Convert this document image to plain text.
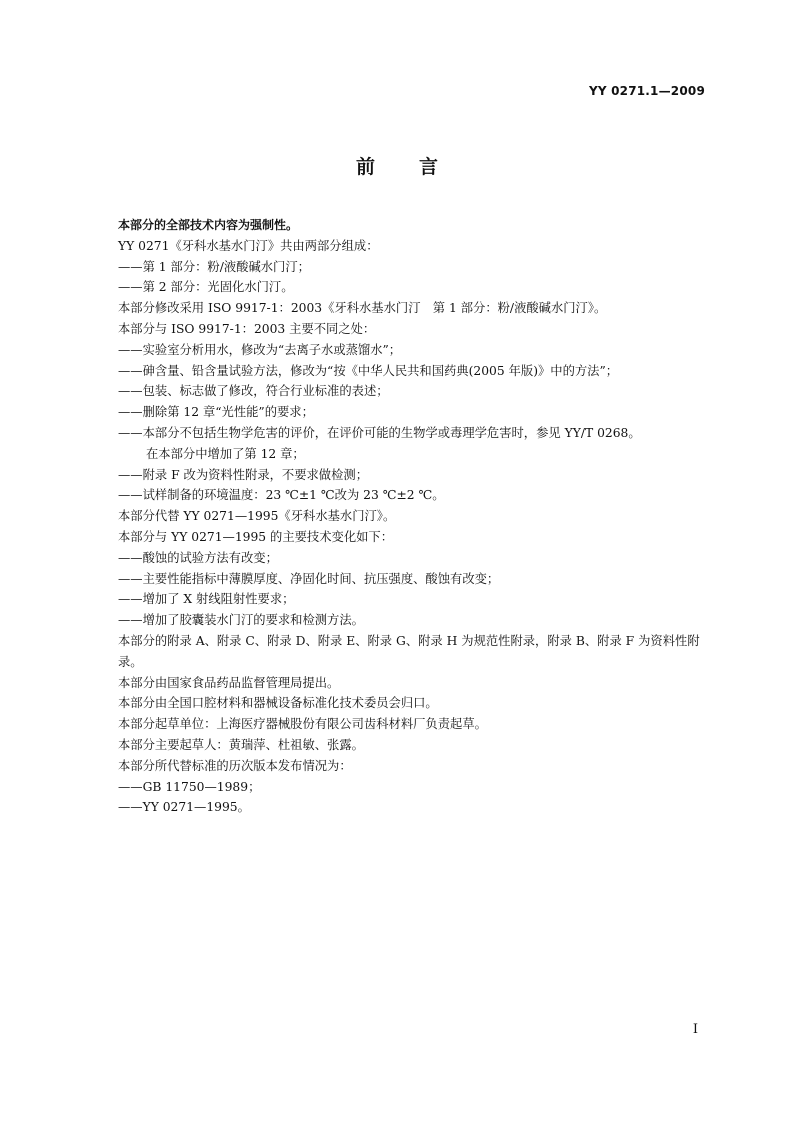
YY 0271.1—2009
前言
本部分的全部技术内容为强制性。
YY 0271《牙科水基水门汀》共由两部分组成：
——第 1 部分：粉/液酸碱水门汀；
——第 2 部分：光固化水门汀。
本部分修改采用 ISO 9917-1：2003《牙科水基水门汀　第 1 部分：粉/液酸碱水门汀》。
本部分与 ISO 9917-1：2003 主要不同之处：
——实验室分析用水，修改为“去离子水或蒸馏水”；
——砷含量、铅含量试验方法，修改为“按《中华人民共和国药典(2005 年版)》中的方法”；
——包装、标志做了修改，符合行业标准的表述；
——删除第 12 章“光性能”的要求；
——本部分不包括生物学危害的评价，在评价可能的生物学或毒理学危害时，参见 YY/T 0268。
在本部分中增加了第 12 章；
——附录 F 改为资料性附录，不要求做检测；
——试样制备的环境温度：23 ℃±1 ℃改为 23 ℃±2 ℃。
本部分代替 YY 0271—1995《牙科水基水门汀》。
本部分与 YY 0271—1995 的主要技术变化如下：
——酸蚀的试验方法有改变；
——主要性能指标中薄膜厚度、净固化时间、抗压强度、酸蚀有改变；
——增加了 X 射线阻射性要求；
——增加了胶囊装水门汀的要求和检测方法。
本部分的附录 A、附录 C、附录 D、附录 E、附录 G、附录 H 为规范性附录，附录 B、附录 F 为资料性附录。
本部分由国家食品药品监督管理局提出。
本部分由全国口腔材料和器械设备标准化技术委员会归口。
本部分起草单位：上海医疗器械股份有限公司齿科材料厂负责起草。
本部分主要起草人：黄瑞萍、杜祖敏、张露。
本部分所代替标准的历次版本发布情况为：
——GB 11750—1989；
——YY 0271—1995。
I
